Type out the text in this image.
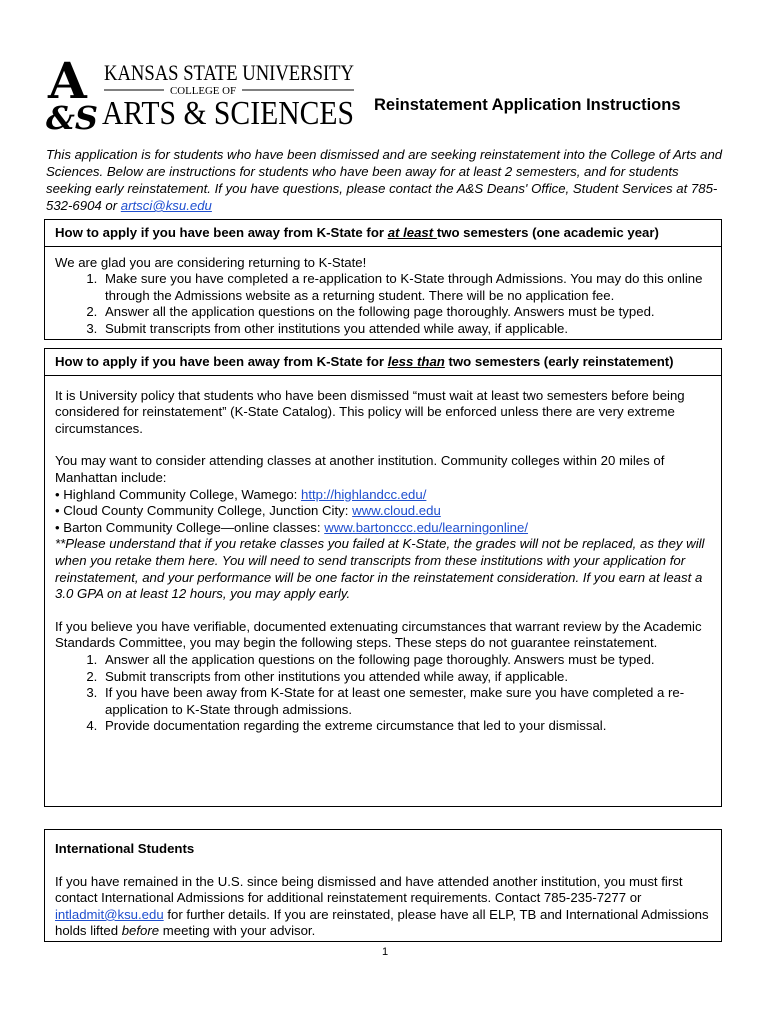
A
&S
KANSAS STATE UNIVERSITY
COLLEGE OF
ARTS & SCIENCES Reinstatement Application Instructions
This application is for students who have been dismissed and are seeking reinstatement into the College of Arts and Sciences. Below are instructions for students who have been away for at least 2 semesters, and for students seeking early reinstatement. If you have questions, please contact the A&S Deans' Office, Student Services at 785-532-6904 or artsci@ksu.edu

How to apply if you have been away from K-State for at least two semesters (one academic year)

We are glad you are considering returning to K-State!

1. Make sure you have completed a re-application to K-State through Admissions. You may do this online through the Admissions website as a returning student. There will be no application fee.
2. Answer all the application questions on the following page thoroughly. Answers must be typed.
3. Submit transcripts from other institutions you attended while away, if applicable.

How to apply if you have been away from K-State for less than two semesters (early reinstatement)

It is University policy that students who have been dismissed “must wait at least two semesters before being considered for reinstatement” (K-State Catalog). This policy will be enforced unless there are very extreme circumstances.

You may want to consider attending classes at another institution. Community colleges within 20 miles of Manhattan include:

• Highland Community College, Wamego: http://highlandcc.edu/
• Cloud County Community College, Junction City: www.cloud.edu
• Barton Community College—online classes: www.bartonccc.edu/learningonline/

**Please understand that if you retake classes you failed at K-State, the grades will not be replaced, as they will when you retake them here. You will need to send transcripts from these institutions with your application for reinstatement, and your performance will be one factor in the reinstatement consideration. If you earn at least a 3.0 GPA on at least 12 hours, you may apply early.

If you believe you have verifiable, documented extenuating circumstances that warrant review by the Academic Standards Committee, you may begin the following steps. These steps do not guarantee reinstatement.

1. Answer all the application questions on the following page thoroughly. Answers must be typed.
2. Submit transcripts from other institutions you attended while away, if applicable.
3. If you have been away from K-State for at least one semester, make sure you have completed a re-application to K-State through admissions.
4. Provide documentation regarding the extreme circumstance that led to your dismissal.

International Students

If you have remained in the U.S. since being dismissed and have attended another institution, you must first contact International Admissions for additional reinstatement requirements. Contact 785-235-7277 or intladmit@ksu.edu for further details. If you are reinstated, please have all ELP, TB and International Admissions holds lifted before meeting with your advisor.

1
